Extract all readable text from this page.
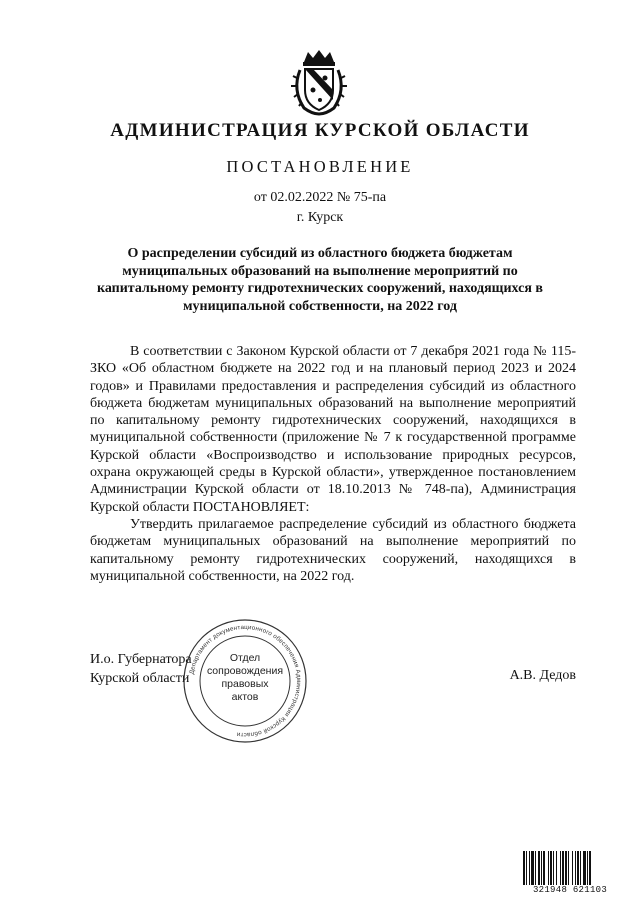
АДМИНИСТРАЦИЯ КУРСКОЙ ОБЛАСТИ
ПОСТАНОВЛЕНИЕ
от 02.02.2022 № 75-па
г. Курск
О распределении субсидий из областного бюджета бюджетам муниципальных образований на выполнение мероприятий по капитальному ремонту гидротехнических сооружений, находящихся в муниципальной собственности, на 2022 год

В соответствии с Законом Курской области от 7 декабря 2021 года № 115-ЗКО «Об областном бюджете на 2022 год и на плановый период 2023 и 2024 годов» и Правилами предоставления и распределения субсидий из областного бюджета бюджетам муниципальных образований на выполнение мероприятий по капитальному ремонту гидротехнических сооружений, находящихся в муниципальной собственности (приложение № 7 к государственной программе Курской области «Воспроизводство и использование природных ресурсов, охрана окружающей среды в Курской области», утвержденное постановлением Администрации Курской области от 18.10.2013 № 748-па), Администрация Курской области ПОСТАНОВЛЯЕТ:

Утвердить прилагаемое распределение субсидий из областного бюджета бюджетам муниципальных образований на выполнение мероприятий по капитальному ремонту гидротехнических сооружений, находящихся в муниципальной собственности, на 2022 год.

И.о. Губернатора
Курской области	А.В. Дедов
Департамент документационного обеспечения Администрации Курской области
Отдел
сопровождения
правовых
актов
321948 621103
